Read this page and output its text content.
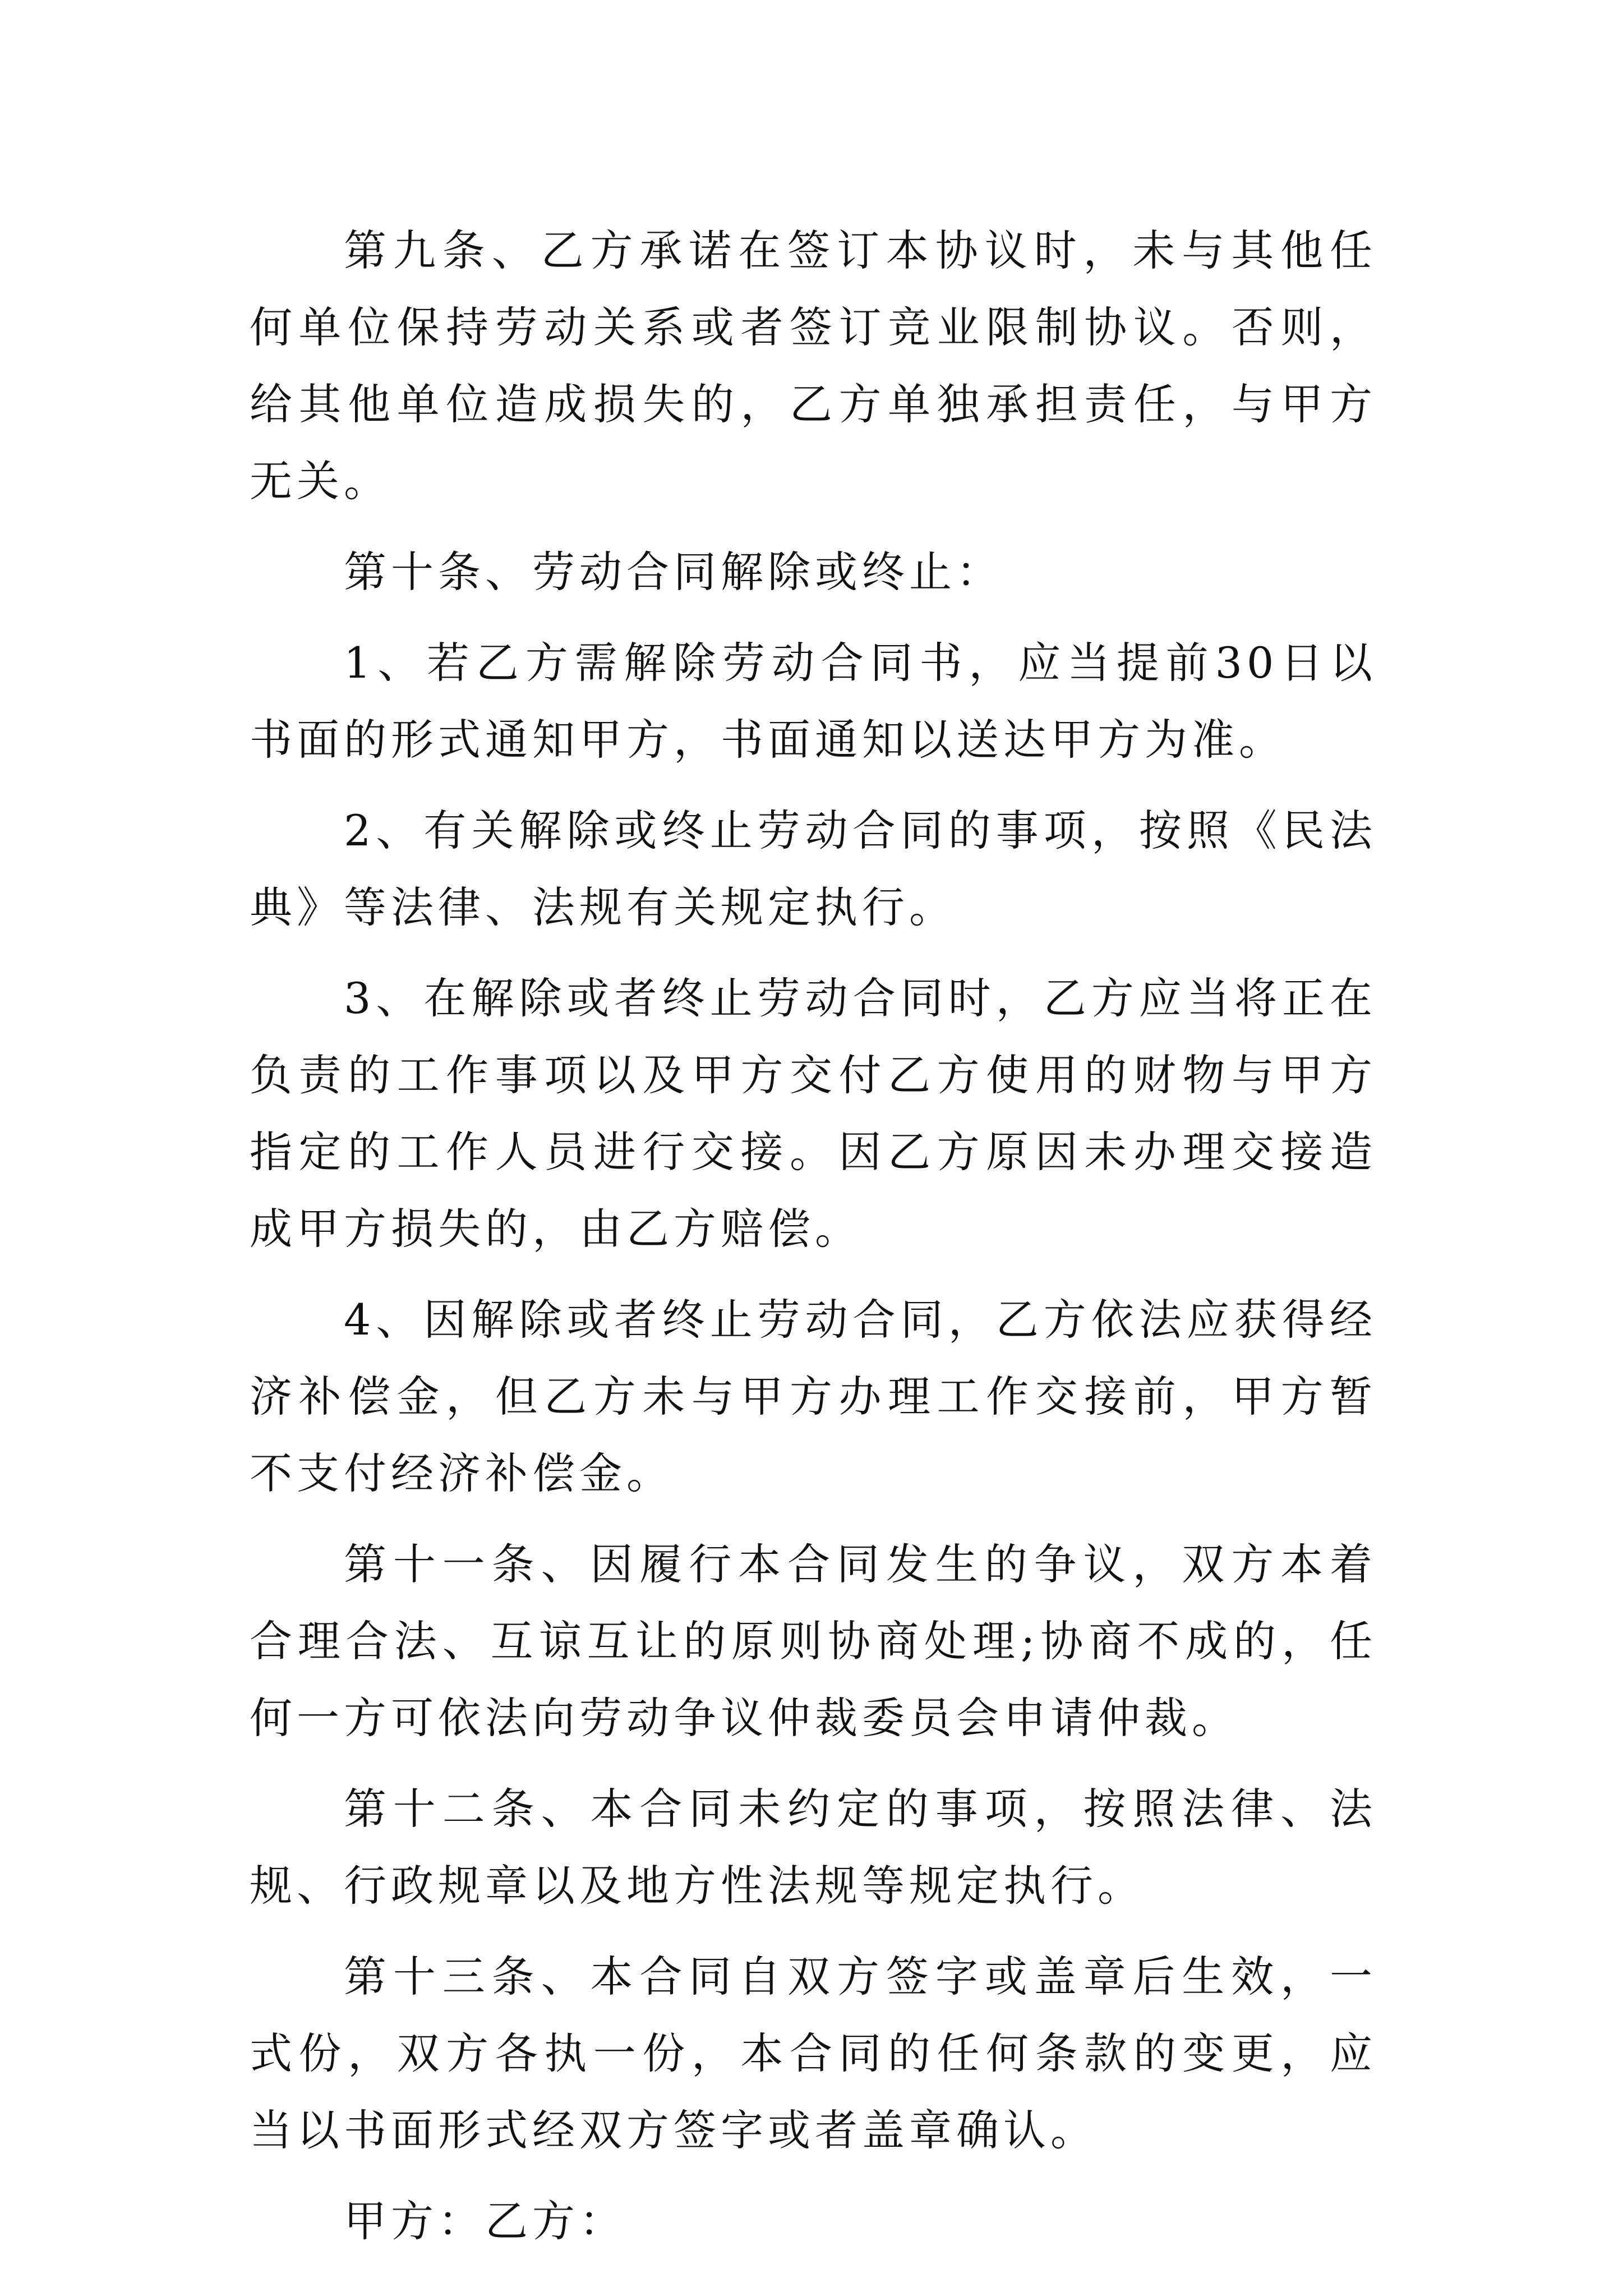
第九条、乙方承诺在签订本协议时，未与其他任何单位保持劳动关系或者签订竞业限制协议。否则，给其他单位造成损失的，乙方单独承担责任，与甲方无关。

第十条、劳动合同解除或终止：

1、若乙方需解除劳动合同书，应当提前30日以书面的形式通知甲方，书面通知以送达甲方为准。

2、有关解除或终止劳动合同的事项，按照《民法典》等法律、法规有关规定执行。

3、在解除或者终止劳动合同时，乙方应当将正在负责的工作事项以及甲方交付乙方使用的财物与甲方指定的工作人员进行交接。因乙方原因未办理交接造成甲方损失的，由乙方赔偿。

4、因解除或者终止劳动合同，乙方依法应获得经济补偿金，但乙方未与甲方办理工作交接前，甲方暂不支付经济补偿金。

第十一条、因履行本合同发生的争议，双方本着合理合法、互谅互让的原则协商处理;协商不成的，任何一方可依法向劳动争议仲裁委员会申请仲裁。

第十二条、本合同未约定的事项，按照法律、法规、行政规章以及地方性法规等规定执行。

第十三条、本合同自双方签字或盖章后生效，一式份，双方各执一份，本合同的任何条款的变更，应当以书面形式经双方签字或者盖章确认。

甲方：乙方：
